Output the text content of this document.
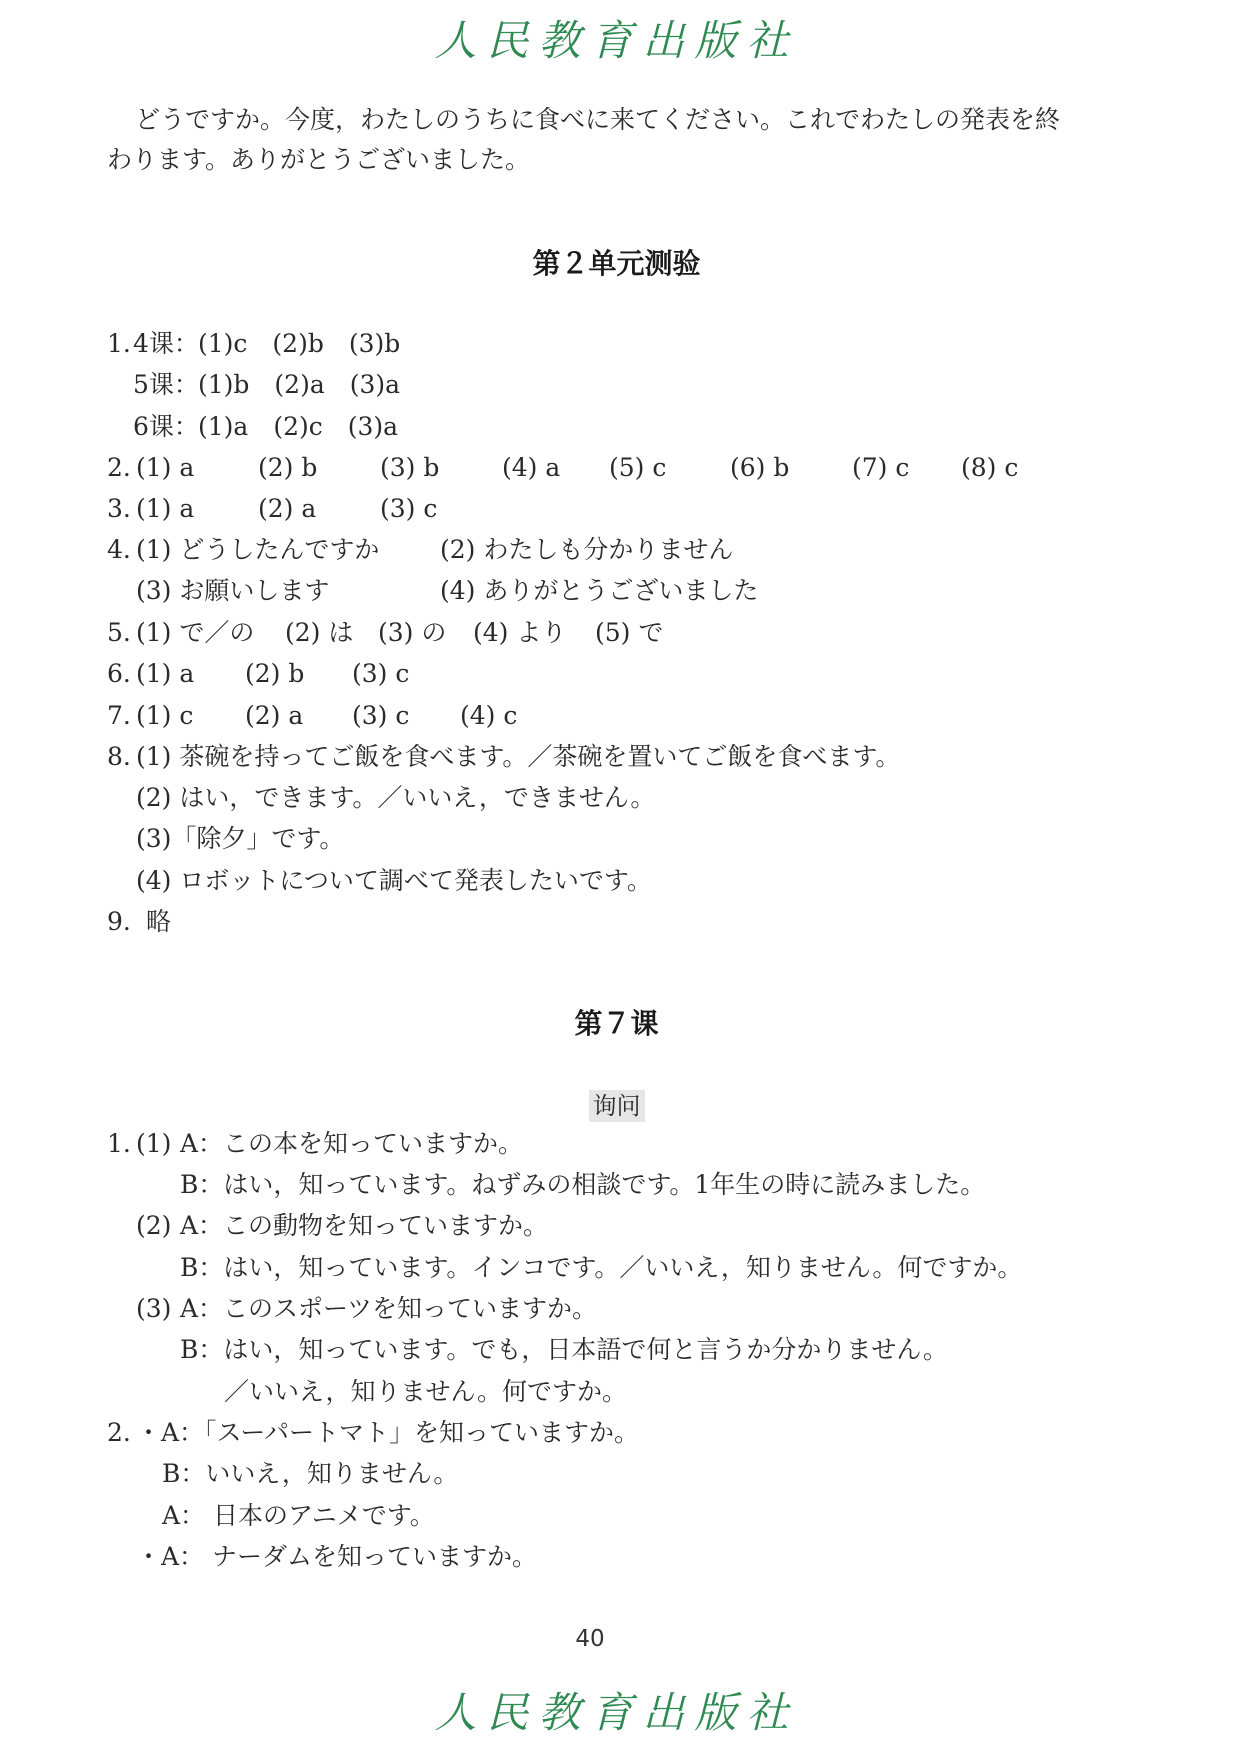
人民教育出版社
どうですか。今度，わたしのうちに食べに来てください。これでわたしの発表を終
わります。ありがとうございました。
第２单元测验
1. 4课： (1)c　(2)b　(3)b
5课： (1)b　(2)a　(3)a
6课： (1)a　(2)c　(3)a
2. (1) a	(2) b	(3) b	(4) a (5) c	(6) b	(7) c (8) c
3. (1) a	(2) a	(3) c
4. (1) どうしたんですか (2) わたしも分かりません
(3) お願いします	(4) ありがとうございました
5. (1) で／の (2) は (3) の (4) より (5) で
6. (1) a (2) b (3) c
7. (1) c (2) a (3) c (4) c
8. (1) 茶碗を持ってご飯を食べます。／茶碗を置いてご飯を食べます。
(2) はい，できます。／いいえ，できません。
(3)「除夕」です。
(4) ロボットについて調べて発表したいです。
9. 略
第７课
询问
1. (1) A：この本を知っていますか。
B：はい，知っています。ねずみの相談です。1年生の時に読みました。
(2) A：この動物を知っていますか。
B：はい，知っています。インコです。／いいえ，知りません。何ですか。
(3) A：このスポーツを知っていますか。
B：はい，知っています。でも，日本語で何と言うか分かりません。
／いいえ，知りません。何ですか。
2. ・A：「スーパートマト」を知っていますか。
B：いいえ，知りません。
A： 日本のアニメです。
・A： ナーダムを知っていますか。
40
人民教育出版社
